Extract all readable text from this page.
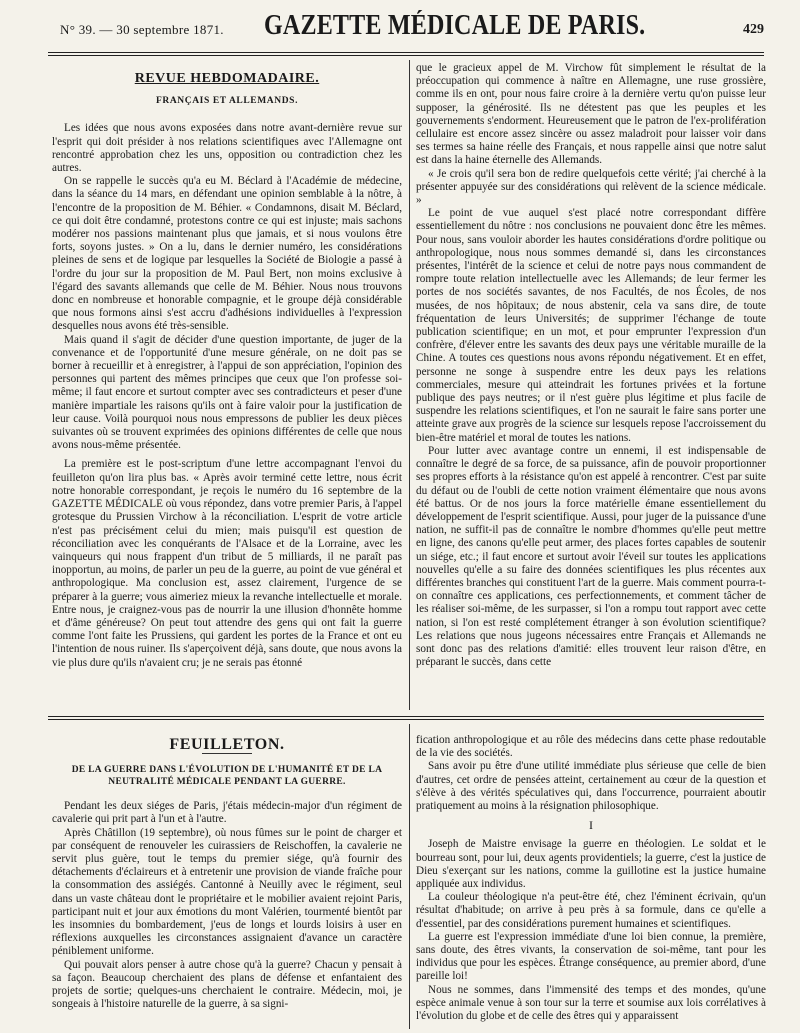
N° 39. — 30 septembre 1871. GAZETTE MÉDICALE DE PARIS.	429
REVUE HEBDOMADAIRE.
FRANÇAIS ET ALLEMANDS.

Les idées que nous avons exposées dans notre avant-dernière revue sur l'esprit qui doit présider à nos relations scientifiques avec l'Allemagne ont rencontré approbation chez les uns, opposition ou contradiction chez les autres.

On se rappelle le succès qu'a eu M. Béclard à l'Académie de médecine, dans la séance du 14 mars, en défendant une opinion semblable à la nôtre, à l'encontre de la proposition de M. Béhier. « Condamnons, disait M. Béclard, ce qui doit être condamné, protestons contre ce qui est injuste; mais sachons modérer nos passions maintenant plus que jamais, et si nous voulons être forts, soyons justes. » On a lu, dans le dernier numéro, les considérations pleines de sens et de logique par lesquelles la Société de Biologie a passé à l'ordre du jour sur la proposition de M. Paul Bert, non moins exclusive à l'égard des savants allemands que celle de M. Béhier. Nous nous trouvons donc en nombreuse et honorable compagnie, et le groupe déjà considérable que nous formons ainsi s'est accru d'adhésions individuelles à l'expression desquelles nous avons été très-sensible.

Mais quand il s'agit de décider d'une question importante, de juger de la convenance et de l'opportunité d'une mesure générale, on ne doit pas se borner à recueillir et à enregistrer, à l'appui de son appréciation, l'opinion des personnes qui partent des mêmes principes que ceux que l'on professe soi-même; il faut encore et surtout compter avec ses contradicteurs et peser d'une manière impartiale les raisons qu'ils ont à faire valoir pour la justification de leur cause. Voilà pourquoi nous nous empressons de publier les deux pièces suivantes où se trouvent exprimées des opinions différentes de celle que nous avons nous-même présentée.

La première est le post-scriptum d'une lettre accompagnant l'envoi du feuilleton qu'on lira plus bas. « Après avoir terminé cette lettre, nous écrit notre honorable correspondant, je reçois le numéro du 16 septembre de la GAZETTE MÉDICALE où vous répondez, dans votre premier Paris, à l'appel grotesque du Prussien Virchow à la réconciliation. L'esprit de votre article n'est pas précisément celui du mien; mais puisqu'il est question de réconciliation avec les conquérants de l'Alsace et de la Lorraine, avec les vainqueurs qui nous frappent d'un tribut de 5 milliards, il ne paraît pas inopportun, au moins, de parler un peu de la guerre, au point de vue général et anthropologique. Ma conclusion est, assez clairement, l'urgence de se préparer à la guerre; vous aimeriez mieux la revanche intellectuelle et morale. Entre nous, je craignez-vous pas de nourrir la une illusion d'honnête homme et d'âme généreuse? On peut tout attendre des gens qui ont fait la guerre comme l'ont faite les Prussiens, qui gardent les portes de la France et ont eu l'intention de nous ruiner. Ils s'aperçoivent déjà, sans doute, que nous avons la vie plus dure qu'ils n'avaient cru; je ne serais pas étonné

que le gracieux appel de M. Virchow fût simplement le résultat de la préoccupation qui commence à naître en Allemagne, une ruse grossière, comme ils en ont, pour nous faire croire à la dernière vertu qu'on puisse leur supposer, la générosité. Ils ne détestent pas que les peuples et les gouvernements s'endorment. Heureusement que le patron de l'ex-prolifération cellulaire est encore assez sincère ou assez maladroit pour laisser voir dans ses termes sa haine réelle des Français, et nous rappelle ainsi que notre salut est dans la haine éternelle des Allemands.

« Je crois qu'il sera bon de redire quelquefois cette vérité; j'ai cherché à la présenter appuyée sur des considérations qui relèvent de la science médicale. »

Le point de vue auquel s'est placé notre correspondant diffère essentiellement du nôtre : nos conclusions ne pouvaient donc être les mêmes. Pour nous, sans vouloir aborder les hautes considérations d'ordre politique ou anthropologique, nous nous sommes demandé si, dans les circonstances présentes, l'intérêt de la science et celui de notre pays nous commandent de rompre toute relation intellectuelle avec les Allemands; de leur fermer les portes de nos sociétés savantes, de nos Facultés, de nos Écoles, de nos musées, de nos hôpitaux; de nous abstenir, cela va sans dire, de toute fréquentation de leurs Universités; de supprimer l'échange de toute publication scientifique; en un mot, et pour emprunter l'expression d'un confrère, d'élever entre les savants des deux pays une véritable muraille de la Chine. A toutes ces questions nous avons répondu négativement. Et en effet, personne ne songe à suspendre entre les deux pays les relations commerciales, mesure qui atteindrait les fortunes privées et la fortune publique des pays neutres; or il n'est guère plus légitime et plus facile de suspendre les relations scientifiques, et l'on ne saurait le faire sans porter une atteinte grave aux progrès de la science sur lesquels repose l'accroissement du bien-être matériel et moral de toutes les nations.

Pour lutter avec avantage contre un ennemi, il est indispensable de connaître le degré de sa force, de sa puissance, afin de pouvoir proportionner ses propres efforts à la résistance qu'on est appelé à rencontrer. C'est par suite du défaut ou de l'oubli de cette notion vraiment élémentaire que nous avons été battus. Or de nos jours la force matérielle émane essentiellement du développement de l'esprit scientifique. Aussi, pour juger de la puissance d'une nation, ne suffit-il pas de connaître le nombre d'hommes qu'elle peut mettre en ligne, des canons qu'elle peut armer, des places fortes capables de soutenir un siége, etc.; il faut encore et surtout avoir l'éveil sur toutes les applications nouvelles qu'elle a su faire des données scientifiques les plus récentes aux différentes branches qui constituent l'art de la guerre. Mais comment pourra-t-on connaître ces applications, ces perfectionnements, et comment tâcher de les réaliser soi-même, de les surpasser, si l'on a rompu tout rapport avec cette nation, si l'on est resté complétement étranger à son évolution scientifique? Les relations que nous jugeons nécessaires entre Français et Allemands ne sont donc pas des relations d'amitié: elles trouvent leur raison d'être, en préparant le succès, dans cette

FEUILLETON.
DE LA GUERRE DANS L'ÉVOLUTION DE L'HUMANITÉ ET DE LA NEUTRALITÉ MÉDICALE PENDANT LA GUERRE.

Pendant les deux siéges de Paris, j'étais médecin-major d'un régiment de cavalerie qui prit part à l'un et à l'autre.

Après Châtillon (19 septembre), où nous fûmes sur le point de charger et par conséquent de renouveler les cuirassiers de Reischoffen, la cavalerie ne servit plus guère, tout le temps du premier siége, qu'à fournir des détachements d'éclaireurs et à entretenir une provision de viande fraîche pour la consommation des assiégés. Cantonné à Neuilly avec le régiment, seul dans un vaste château dont le propriétaire et le mobilier avaient rejoint Paris, participant nuit et jour aux émotions du mont Valérien, tourmenté bientôt par les insomnies du bombardement, j'eus de longs et lourds loisirs à user en réflexions auxquelles les circonstances assignaient d'avance un caractère péniblement uniforme.

Qui pouvait alors penser à autre chose qu'à la guerre? Chacun y pensait à sa façon. Beaucoup cherchaient des plans de défense et enfantaient des projets de sortie; quelques-uns cherchaient le contraire. Médecin, moi, je songeais à l'histoire naturelle de la guerre, à sa signi-

fication anthropologique et au rôle des médecins dans cette phase redoutable de la vie des sociétés.

Sans avoir pu être d'une utilité immédiate plus sérieuse que celle de bien d'autres, cet ordre de pensées atteint, certainement au cœur de la question et s'élève à des vérités spéculatives qui, dans l'occurrence, pourraient aboutir pratiquement au moins à la résignation philosophique.

I

Joseph de Maistre envisage la guerre en théologien. Le soldat et le bourreau sont, pour lui, deux agents providentiels; la guerre, c'est la justice de Dieu s'exerçant sur les nations, comme la guillotine est la justice humaine appliquée aux individus.

La couleur théologique n'a peut-être été, chez l'éminent écrivain, qu'un résultat d'habitude; on arrive à peu près à sa formule, dans ce qu'elle a d'essentiel, par des considérations purement humaines et scientifiques.

La guerre est l'expression immédiate d'une loi bien connue, la première, sans doute, des êtres vivants, la conservation de soi-même, tant pour les individus que pour les espèces. Étrange conséquence, au premier abord, d'une pareille loi!

Nous ne sommes, dans l'immensité des temps et des mondes, qu'une espèce animale venue à son tour sur la terre et soumise aux lois corrélatives à l'évolution du globe et de celle des êtres qui y apparaissent
